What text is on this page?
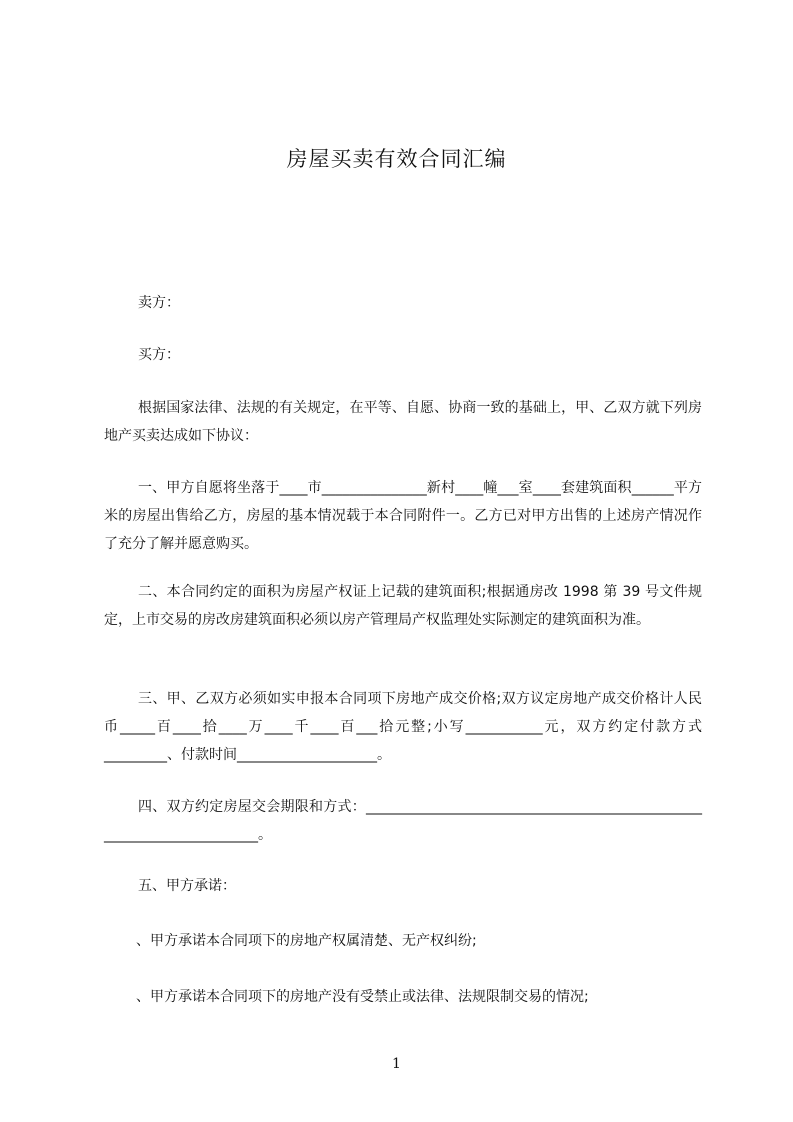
房屋买卖有效合同汇编

卖方：

买方：

根据国家法律、法规的有关规定，在平等、自愿、协商一致的基础上，甲、乙双方就下列房地产买卖达成如下协议：

一、甲方自愿将坐落于____市_______________新村____幢___室____套建筑面积______平方米的房屋出售给乙方，房屋的基本情况载于本合同附件一。乙方已对甲方出售的上述房产情况作了充分了解并愿意购买。

二、本合同约定的面积为房屋产权证上记载的建筑面积;根据通房改 1998 第 39 号文件规定，上市交易的房改房建筑面积必须以房产管理局产权监理处实际测定的建筑面积为准。

三、甲、乙双方必须如实申报本合同项下房地产成交价格;双方议定房地产成交价格计人民币_____百____拾____万____千____百___拾元整;小写___________元，双方约定付款方式_________、付款时间____________________。

四、双方约定房屋交会期限和方式：______________________________________________________________________。

五、甲方承诺：

、甲方承诺本合同项下的房地产权属清楚、无产权纠纷;

、甲方承诺本合同项下的房地产没有受禁止或法律、法规限制交易的情况;

1
